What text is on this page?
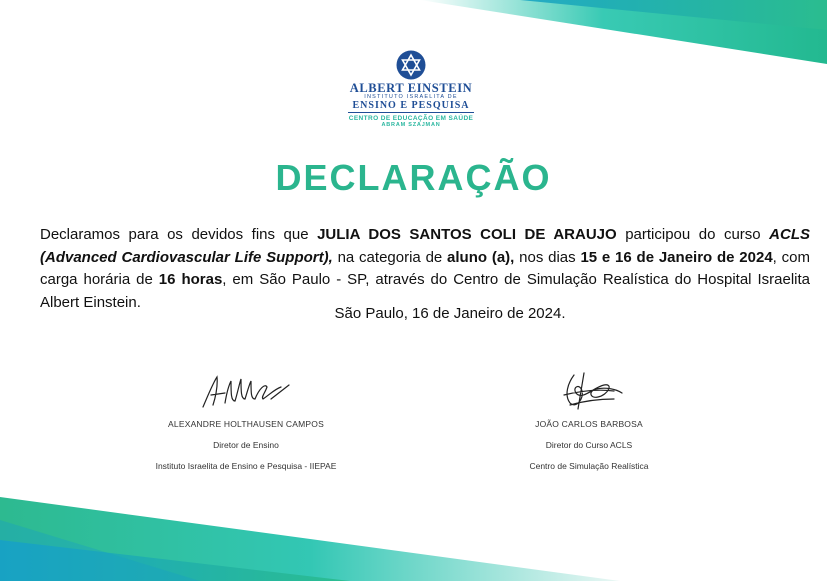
ALBERT EINSTEIN
INSTITUTO ISRAELITA DE
ENSINO E PESQUISA
CENTRO DE EDUCAÇÃO EM SAÚDE
ABRAM SZAJMAN
DECLARAÇÃO
Declaramos para os devidos fins que JULIA DOS SANTOS COLI DE ARAUJO participou do curso ACLS (Advanced Cardiovascular Life Support), na categoria de aluno (a), nos dias 15 e 16 de Janeiro de 2024, com carga horária de 16 horas, em São Paulo - SP, através do Centro de Simulação Realística do Hospital Israelita Albert Einstein.
São Paulo, 16 de Janeiro de 2024.
ALEXANDRE HOLTHAUSEN CAMPOS
Diretor de Ensino
Instituto Israelita de Ensino e Pesquisa - IIEPAE
JOÃO CARLOS BARBOSA
Diretor do Curso ACLS
Centro de Simulação Realística
